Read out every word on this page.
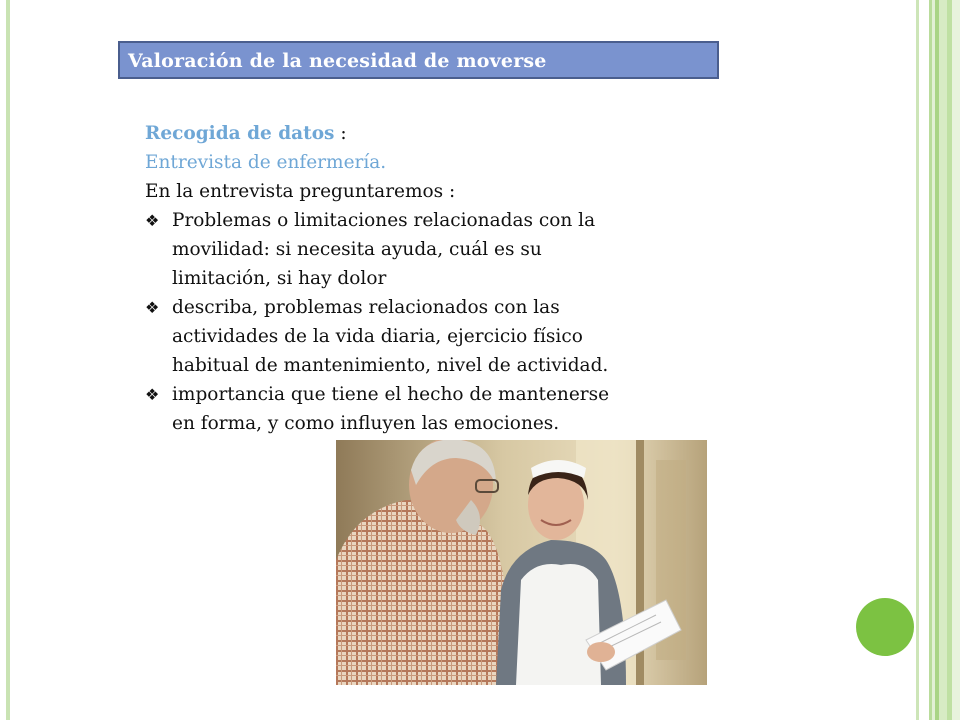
Valoración de la necesidad de moverse
Recogida de datos :
Entrevista de enfermería.
En la entrevista preguntaremos :
❖ Problemas o limitaciones relacionadas con la
movilidad: si necesita ayuda, cuál es su
limitación, si hay dolor
❖ describa, problemas relacionados con las
actividades de la vida diaria, ejercicio físico
habitual de mantenimiento, nivel de actividad.
❖ importancia que tiene el hecho de mantenerse
en forma, y como influyen las emociones.
